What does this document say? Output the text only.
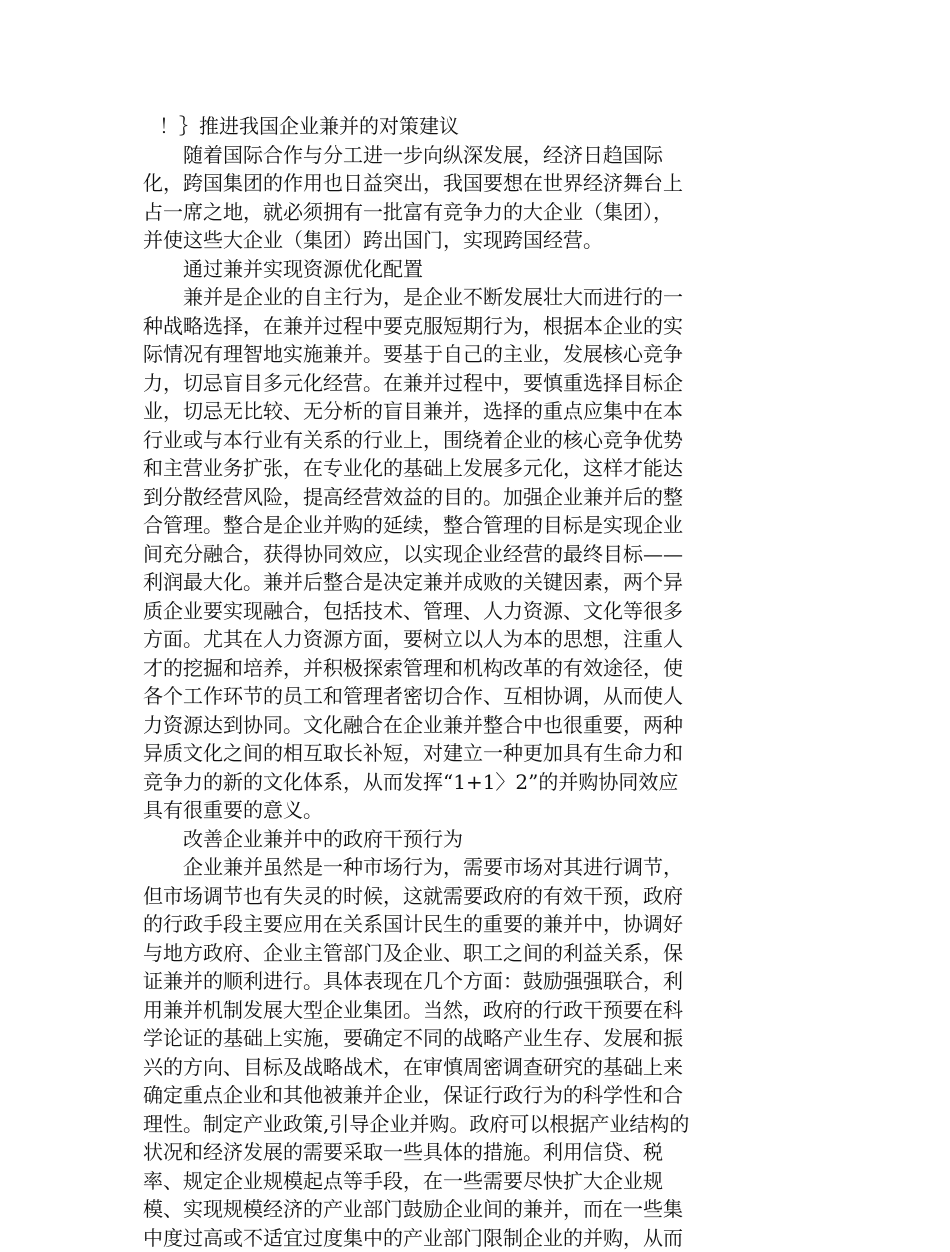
！｝推进我国企业兼并的对策建议
随着国际合作与分工进一步向纵深发展，经济日趋国际
化，跨国集团的作用也日益突出，我国要想在世界经济舞台上
占一席之地，就必须拥有一批富有竞争力的大企业（集团），
并使这些大企业（集团）跨出国门，实现跨国经营。
通过兼并实现资源优化配置
兼并是企业的自主行为，是企业不断发展壮大而进行的一
种战略选择，在兼并过程中要克服短期行为，根据本企业的实
际情况有理智地实施兼并。要基于自己的主业，发展核心竞争
力，切忌盲目多元化经营。在兼并过程中，要慎重选择目标企
业，切忌无比较、无分析的盲目兼并，选择的重点应集中在本
行业或与本行业有关系的行业上，围绕着企业的核心竞争优势
和主营业务扩张，在专业化的基础上发展多元化，这样才能达
到分散经营风险，提高经营效益的目的。加强企业兼并后的整
合管理。整合是企业并购的延续，整合管理的目标是实现企业
间充分融合，获得协同效应，以实现企业经营的最终目标——
利润最大化。兼并后整合是决定兼并成败的关键因素，两个异
质企业要实现融合，包括技术、管理、人力资源、文化等很多
方面。尤其在人力资源方面，要树立以人为本的思想，注重人
才的挖掘和培养，并积极探索管理和机构改革的有效途径，使
各个工作环节的员工和管理者密切合作、互相协调，从而使人
力资源达到协同。文化融合在企业兼并整合中也很重要，两种
异质文化之间的相互取长补短，对建立一种更加具有生命力和
竞争力的新的文化体系，从而发挥“1+1〉2”的并购协同效应
具有很重要的意义。
改善企业兼并中的政府干预行为
企业兼并虽然是一种市场行为，需要市场对其进行调节，
但市场调节也有失灵的时候，这就需要政府的有效干预，政府
的行政手段主要应用在关系国计民生的重要的兼并中，协调好
与地方政府、企业主管部门及企业、职工之间的利益关系，保
证兼并的顺利进行。具体表现在几个方面：鼓励强强联合，利
用兼并机制发展大型企业集团。当然，政府的行政干预要在科
学论证的基础上实施，要确定不同的战略产业生存、发展和振
兴的方向、目标及战略战术，在审慎周密调查研究的基础上来
确定重点企业和其他被兼并企业，保证行政行为的科学性和合
理性。制定产业政策,引导企业并购。政府可以根据产业结构的
状况和经济发展的需要采取一些具体的措施。利用信贷、税
率、规定企业规模起点等手段，在一些需要尽快扩大企业规
模、实现规模经济的产业部门鼓励企业间的兼并，而在一些集
中度过高或不适宜过度集中的产业部门限制企业的并购，从而
